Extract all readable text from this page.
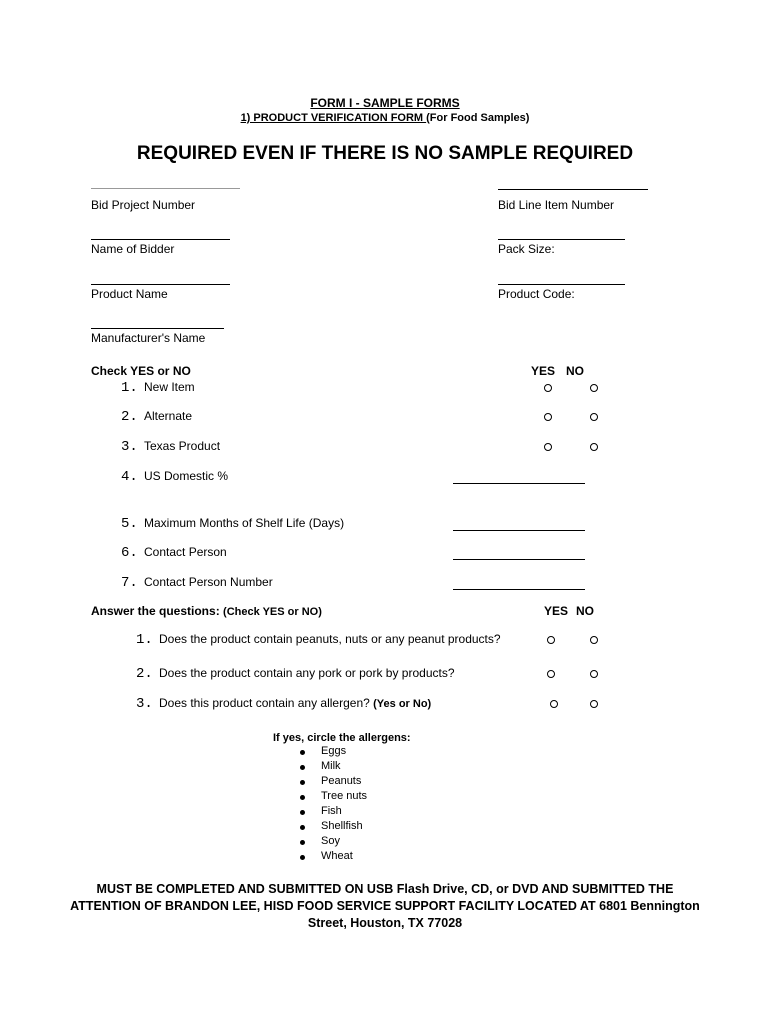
FORM I - SAMPLE FORMS
1) PRODUCT VERIFICATION FORM (For Food Samples)
REQUIRED EVEN IF THERE IS NO SAMPLE REQUIRED
Bid Project Number	Bid Line Item Number
Name of Bidder	Pack Size:
Product Name	Product Code:
Manufacturer's Name
Check YES or NO	YES NO
1. New Item
2. Alternate
3. Texas Product
4. US Domestic %
5. Maximum Months of Shelf Life (Days)
6. Contact Person
7. Contact Person Number
Answer the questions: (Check YES or NO)	YES NO
1. Does the product contain peanuts, nuts or any peanut products?
2. Does the product contain any pork or pork by products?
3. Does this product contain any allergen? (Yes or No)
If yes, circle the allergens:
Eggs
Milk
Peanuts
Tree nuts
Fish
Shellfish
Soy
Wheat
MUST BE COMPLETED AND SUBMITTED ON USB Flash Drive, CD, or DVD AND SUBMITTED THE
ATTENTION OF BRANDON LEE, HISD FOOD SERVICE SUPPORT FACILITY LOCATED AT 6801 Bennington
Street, Houston, TX 77028
